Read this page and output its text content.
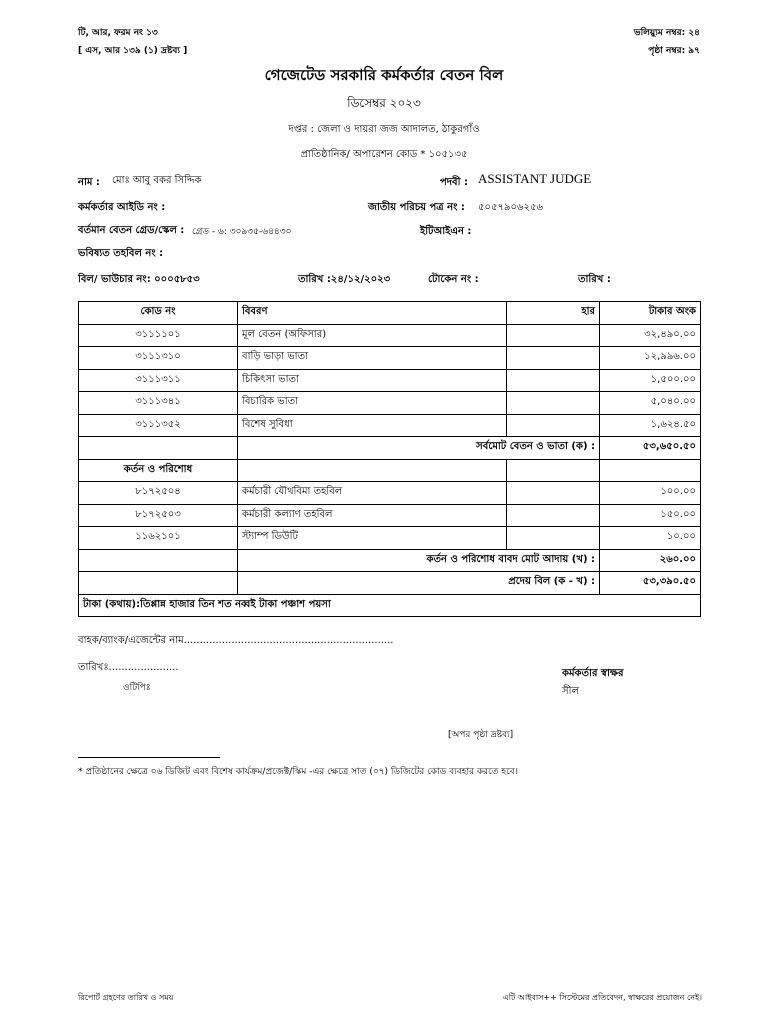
টি, আর, ফরম নং ১৩
[ এস, আর ১৩৯ (১) দ্রষ্টব্য ]
ভলিয়্যুম নম্বর: ২৪
পৃষ্ঠা নম্বর: ৯৭
গেজেটেড সরকারি কর্মকর্তার বেতন বিল
ডিসেম্বর ২০২৩
দপ্তর : জেলা ও দায়রা জজ আদালত, ঠাকুরগাঁও
প্রাতিষ্ঠানিক/ অপারেশন কোড * ১০৫১৩৫
নাম : মোঃ আবু বকর সিদ্দিক	পদবী : ASSISTANT JUDGE
কর্মকর্তার আইডি নং :	জাতীয় পরিচয় পত্র নং : ৫০৫৭৯০৬২৫৬
বর্তমান বেতন গ্রেড/স্কেল : গ্রেড - ৬: ৩০৯৩৫-৬৪৪৩০	ইটিআইএন :
ভবিষ্যত তহবিল নং :
বিল/ ভাউচার নং: ০০০৫৮৫৩	তারিখ :২৪/১২/২০২৩	টোকেন নং :	তারিখ :
কোড নং	বিবরণ	হার	টাকার অংক
৩১১১১০১	মূল বেতন (অফিসার)		৩২,৪৯০.০০
৩১১১৩১০	বাড়ি ভাড়া ভাতা		১২,৯৯৬.০০
৩১১১৩১১	চিকিৎসা ভাতা		১,৫০০.০০
৩১১১৩৪১	বিচারিক ভাতা		৫,০৪০.০০
৩১১১৩৫২	বিশেষ সুবিধা		১,৬২৪.৫০
	সর্বমোট বেতন ও ভাতা (ক) :		৫৩,৬৫০.৫০
কর্তন ও পরিশোধ			
৮১৭২৫০৪	কর্মচারী যৌথবিমা তহবিল		১০০.০০
৮১৭২৫০৩	কর্মচারী কল্যাণ তহবিল		১৫০.০০
১১৬২১০১	স্ট্যাম্প ডিউটি		১০.০০
	কর্তন ও পরিশোধ বাবদ মোট আদায় (খ) :		২৬০.০০
	প্রদেয় বিল (ক - খ) :		৫৩,৩৯০.৫০
টাকা (কথায়):তিপ্পান্ন হাজার তিন শত নব্বই টাকা পঞ্চাশ পয়সা			
বাহক/ব্যাংক/এজেন্টের নাম..................................................................
তারিখঃ......................
ওটিপিঃ
কর্মকর্তার স্বাক্ষর
সীল
[অপর পৃষ্ঠা দ্রষ্টব্য]
* প্রতিষ্ঠানের ক্ষেত্রে ০৬ ডিজিট এবং বিশেষ কার্যক্রম/প্রজেক্ট/স্কিম -এর ক্ষেত্রে সাত (০৭) ডিজিটের কোড ব্যবহার করতে হবে।
রিপোর্ট গ্রহণের তারিখ ও সময়	এটি আইবাস++ সিস্টেমের প্রতিবেদন, স্বাক্ষরের প্রয়োজন নেই।
